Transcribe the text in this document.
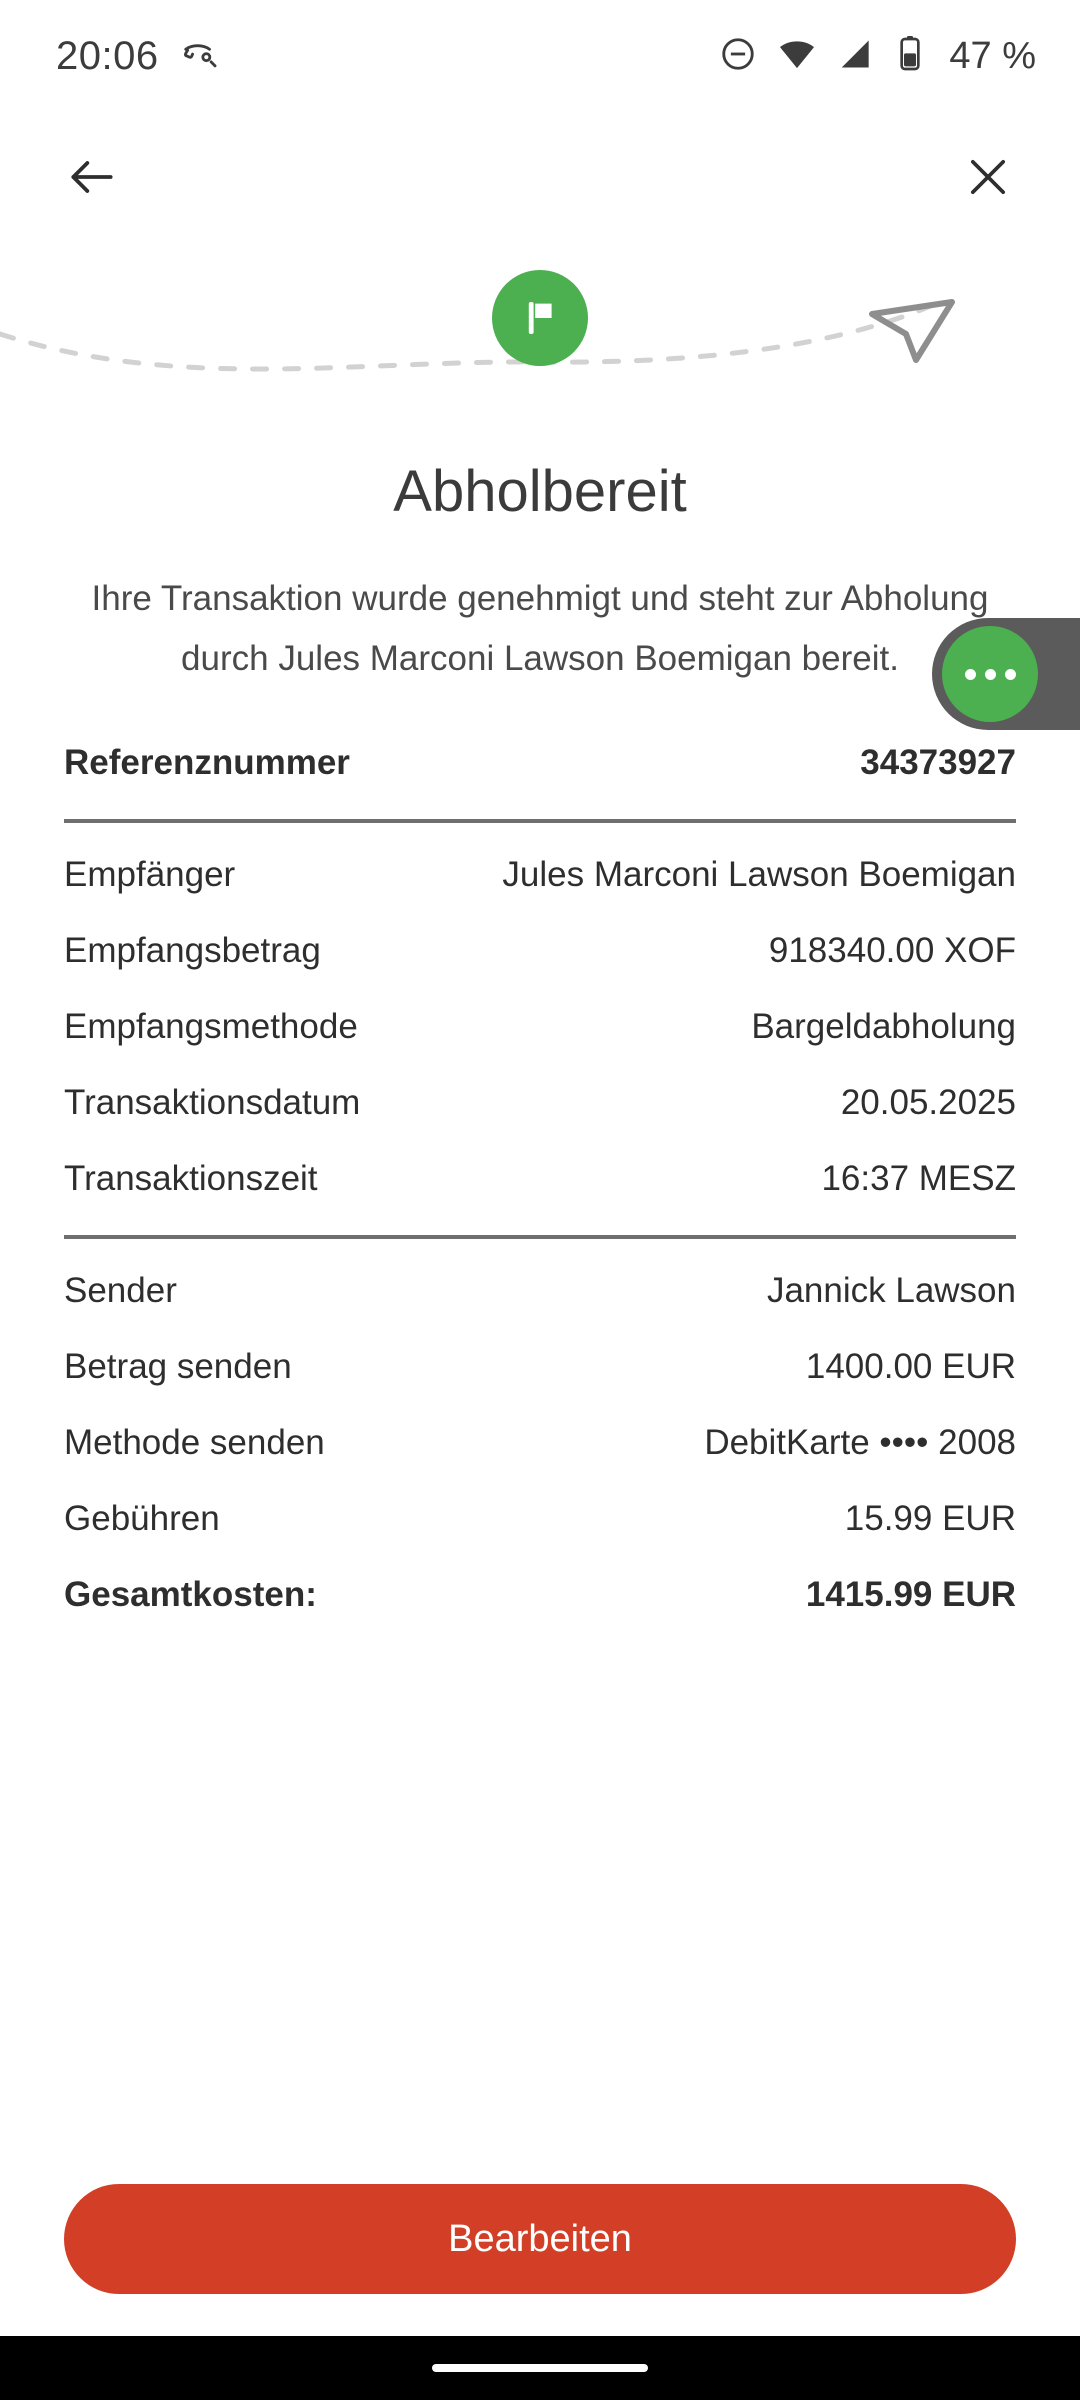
20:06	47 %
Abholbereit
Ihre Transaktion wurde genehmigt und steht zur Abholung durch Jules Marconi Lawson Boemigan bereit.
Referenznummer	34373927
Empfänger	Jules Marconi Lawson Boemigan
Empfangsbetrag	918340.00 XOF
Empfangsmethode	Bargeldabholung
Transaktionsdatum	20.05.2025
Transaktionszeit	16:37 MESZ
Sender	Jannick Lawson
Betrag senden	1400.00 EUR
Methode senden	DebitKarte •••• 2008
Gebühren	15.99 EUR
Gesamtkosten:	1415.99 EUR
Bearbeiten
